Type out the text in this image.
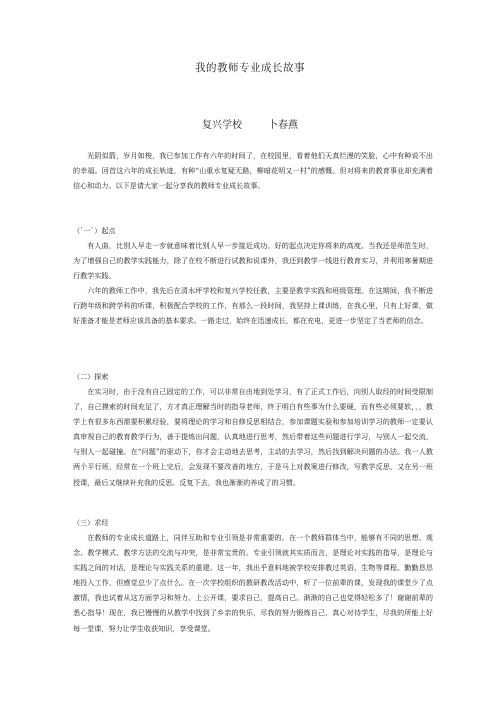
我的教师专业成长故事
复兴学校	卜春燕

光阴似箭，岁月如梭，我已参加工作有六年的时间了，在校园里，看着他们天真烂漫的笑脸，心中有种说不出的幸福。回首这六年的成长轨迹，有种“山重水复疑无路，柳暗花明又一村”的感慨。但对将来的教育事业却充满着信心和动力。以下是请大家一起分享我的教师专业成长故事。

（`一`）起点

有人曲，比别人早走一步就意味着比别人早一步接近成功。好的起点决定你将来的高度。当我还是师范生时，为了增强自己的教学实践能力，除了在校不断进行试教和说课外，我还到教学一线进行教育实习，并利用寒暑期进行教学实践。

六年的教师工作中，我先后在清水坪学校和复兴学校任教，主要是教学实践和班级管理。在这期间，我不断进行跨年级和跨学科的听课，积极配合学校的工作，有那么一段时间，我坚持上课训练，在我心里，只有上好课，做好准备才能是老师应该具备的基本要求。一路走过，始终在迅速成长，都在充电，更进一步坚定了当老师的信念。

（二）探索

在实习时，由于没有自己固定的工作，可以非常自由地到处学习，有了正式工作后，向别人取经的时间受限制了，自己摸索的时间充足了，方才真正理解当时的指导老师，终于明白有些事为什么要硬，而有些必须要软，，，教学上有很多东西需要积累经验，要将理论的学习和自修反思相结合，参加课题实验和参加培训学习的教师一定要认真审视自己的教育教学行为，善于提炼出问题，认真地进行思考，然后带着这些问题进行学习，与别人一起交流，与别人一起碰撞。在“问题”的驱动下，你才会主动地去思考，主动的去学习，然后找到解决问题的办法。我一人教两个平行班，经常在一个班上完后，会发现不要改善的地方，于是马上对教案进行修改，写教学反思，又在另一班授课，最后又继续补充我的反思。反复下去，我也渐渐的养成了的习惯。

（三）求经

在教师的专业成长道路上，同伴互助和专业引领是非常重要的。在一个教师群体当中，能够有不同的思想、观念、教学模式、教学方法的交流与冲突，是非常宝贵的。专业引领就其实质而言，是理论对实践的指导，是理论与实践之间的对话，是理论与实践关系的重建。这一年，我出乎意料地被学校安排教过英语、生物等课程。勤勤恳恳地投入工作，但感觉总少了点什么。在一次学校组织的教研教改活动中，听了一位前辈的课，发现我的课堂少了点激情，我也试着从这方面学习和努力。上公开课，要求自己，提高自己。渐渐的自己也觉得轻松多了！谢谢前辈的悉心指导！现在，我已慢慢的从教学中找到了乡亲的快乐，尽我的努力锻炼自己，真心对待学生，尽我的所能上好每一堂课，努力让学生收获知识，享受课堂。
